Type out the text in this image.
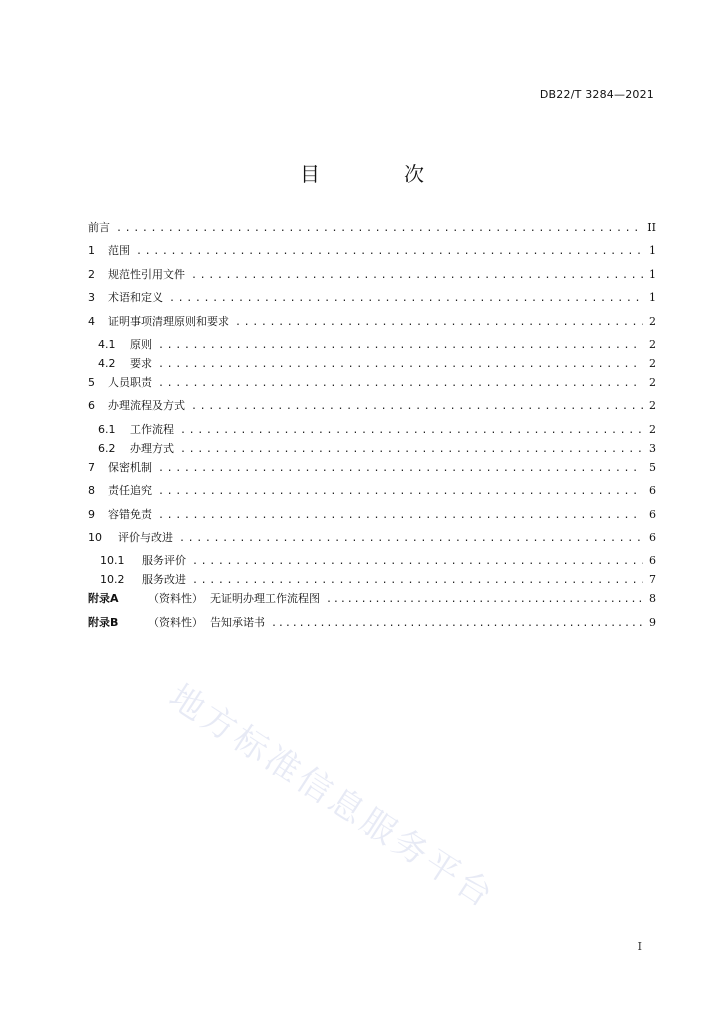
DB22/T 3284—2021
目　次
前言 .....	II
1	范围 .....	1
2	规范性引用文件 .....	1
3	术语和定义 .....	1
4	证明事项清理原则和要求 .....	2
4.1	原则 .....	2
4.2	要求 .....	2
5	人员职责 .....	2
6	办理流程及方式 .....	2
6.1	工作流程 .....	2
6.2	办理方式 .....	3
7	保密机制 .....	5
8	责任追究 .....	6
9	容错免责 .....	6
10	评价与改进 .....	6
10.1	服务评价 .....	6
10.2	服务改进 .....	7
附录A	（资料性） 无证明办理工作流程图 .....	8
附录B	（资料性） 告知承诺书 .....	9
地方标准信息服务平台
I
